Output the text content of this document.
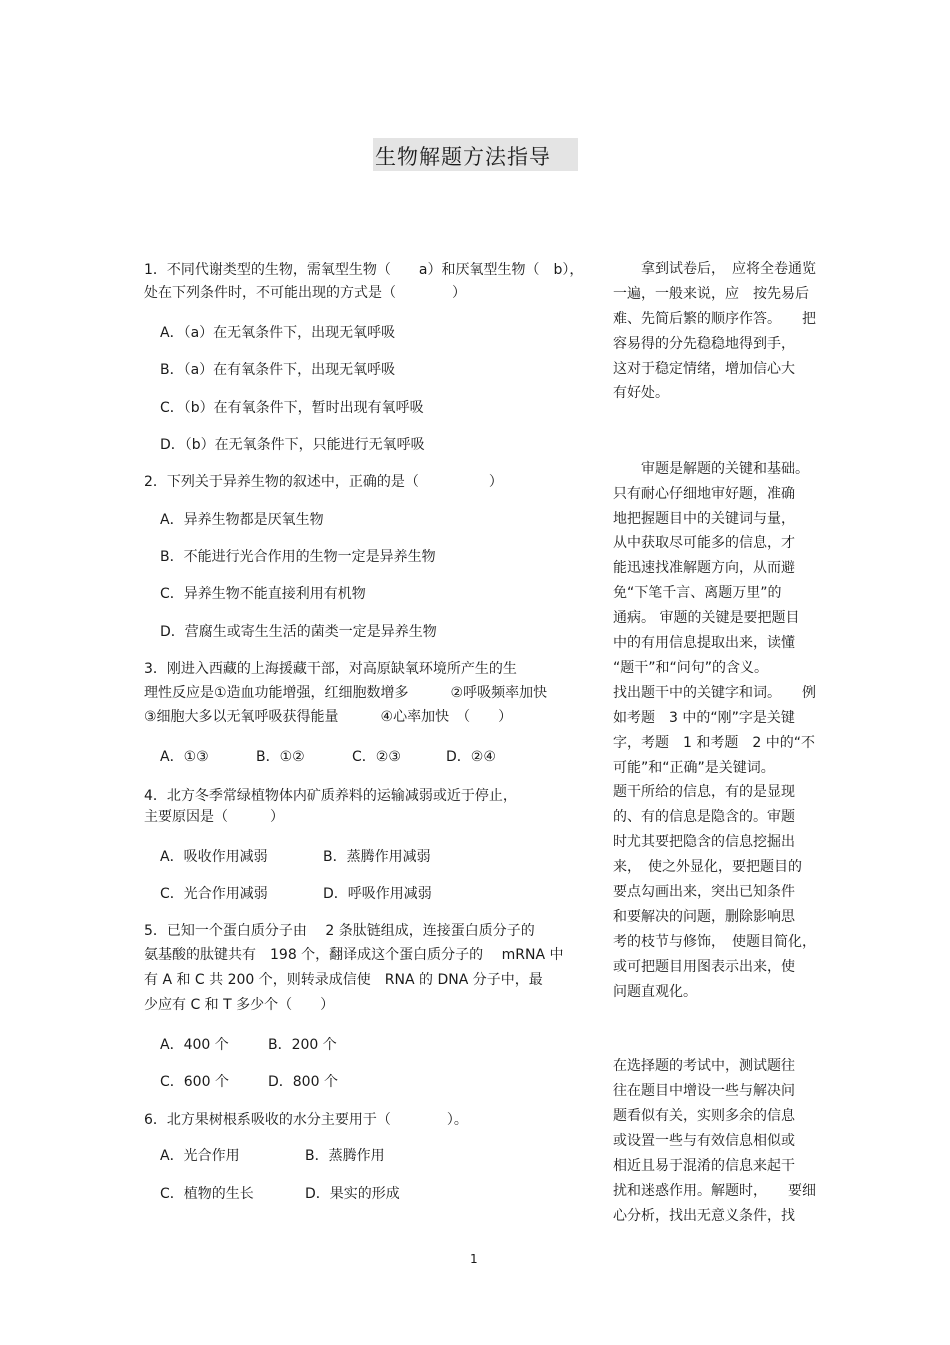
生物解题方法指导
1．不同代谢类型的生物，需氧型生物（　　a）和厌氧型生物（　b），
处在下列条件时，不可能出现的方式是（　　　　）
A．（a）在无氧条件下，出现无氧呼吸
B．（a）在有氧条件下，出现无氧呼吸
C．（b）在有氧条件下，暂时出现有氧呼吸
D．（b）在无氧条件下，只能进行无氧呼吸
2．下列关于异养生物的叙述中，正确的是（　　　　　）
A．异养生物都是厌氧生物
B．不能进行光合作用的生物一定是异养生物
C．异养生物不能直接利用有机物
D．营腐生或寄生生活的菌类一定是异养生物
3．刚进入西藏的上海援藏干部，对高原缺氧环境所产生的生
理性反应是①造血功能增强，红细胞数增多　　　②呼吸频率加快
③细胞大多以无氧呼吸获得能量　　　④心率加快　（　　）
A．①③	B．①②	C．②③	D．②④
4．北方冬季常绿植物体内矿质养料的运输减弱或近于停止，
主要原因是（　　　）
A．吸收作用减弱	B．蒸腾作用减弱
C．光合作用减弱	D．呼吸作用减弱
5．已知一个蛋白质分子由　 2 条肽链组成，连接蛋白质分子的
氨基酸的肽键共有　198 个，翻译成这个蛋白质分子的　 mRNA 中
有 A 和 C 共 200 个，则转录成信使　RNA 的 DNA 分子中，最
少应有 C 和 T 多少个（　　）
A．400 个	B．200 个
C．600 个	D．800 个
6．北方果树根系吸收的水分主要用于（　　　　）。
A．光合作用	B．蒸腾作用
C．植物的生长	D．果实的形成
　　拿到试卷后，　应将全卷通览
一遍，一般来说，应　按先易后
难、先简后繁的顺序作答。　　把
容易得的分先稳稳地得到手，
这对于稳定情绪，增加信心大
有好处。
　　审题是解题的关键和基础。
只有耐心仔细地审好题，准确
地把握题目中的关键词与量，
从中获取尽可能多的信息，才
能迅速找准解题方向，从而避
免“下笔千言、离题万里”的
通病。 审题的关键是要把题目
中的有用信息提取出来，读懂
“题干”和“问句”的含义。
找出题干中的关键字和词。　　例
如考题　3 中的“刚”字是关键
字，考题　1 和考题　2 中的“不
可能”和“正确”是关键词。
题干所给的信息，有的是显现
的、有的信息是隐含的。审题
时尤其要把隐含的信息挖掘出
来，　使之外显化，要把题目的
要点勾画出来，突出已知条件
和要解决的问题，删除影响思
考的枝节与修饰，　使题目简化，
或可把题目用图表示出来，使
问题直观化。
在选择题的考试中，测试题往
往在题目中增设一些与解决问
题看似有关，实则多余的信息
或设置一些与有效信息相似或
相近且易于混淆的信息来起干
扰和迷惑作用。解题时，　　要细
心分析，找出无意义条件，找
1
